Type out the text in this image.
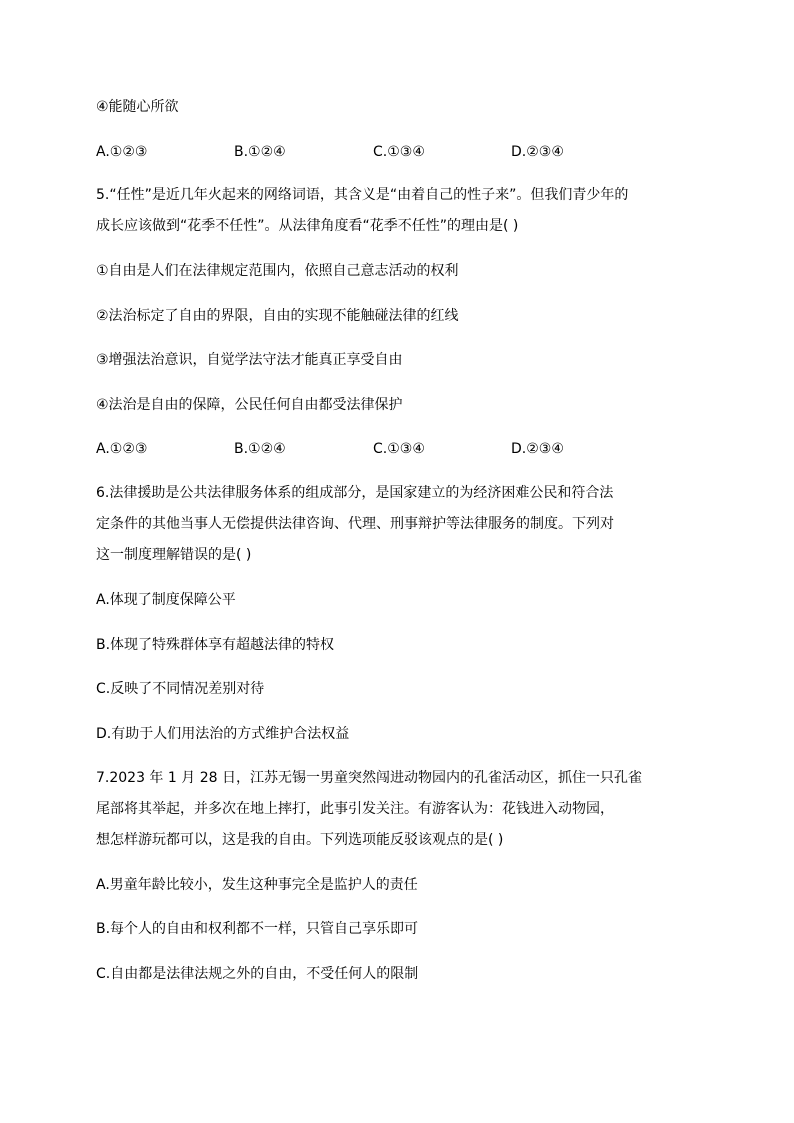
④能随心所欲
A.①②③	B.①②④	C.①③④	D.②③④
5.“任性”是近几年火起来的网络词语，其含义是“由着自己的性子来”。但我们青少年的
成长应该做到“花季不任性”。从法律角度看“花季不任性”的理由是( )
①自由是人们在法律规定范围内，依照自己意志活动的权利
②法治标定了自由的界限，自由的实现不能触碰法律的红线
③增强法治意识，自觉学法守法才能真正享受自由
④法治是自由的保障，公民任何自由都受法律保护
A.①②③	B.①②④	C.①③④	D.②③④
6.法律援助是公共法律服务体系的组成部分，是国家建立的为经济困难公民和符合法
定条件的其他当事人无偿提供法律咨询、代理、刑事辩护等法律服务的制度。下列对
这一制度理解错误的是( )
A.体现了制度保障公平
B.体现了特殊群体享有超越法律的特权
C.反映了不同情况差别对待
D.有助于人们用法治的方式维护合法权益
7.2023 年 1 月 28 日，江苏无锡一男童突然闯进动物园内的孔雀活动区，抓住一只孔雀
尾部将其举起，并多次在地上摔打，此事引发关注。有游客认为：花钱进入动物园，
想怎样游玩都可以，这是我的自由。下列选项能反驳该观点的是( )
A.男童年龄比较小，发生这种事完全是监护人的责任
B.每个人的自由和权利都不一样，只管自己享乐即可
C.自由都是法律法规之外的自由，不受任何人的限制
